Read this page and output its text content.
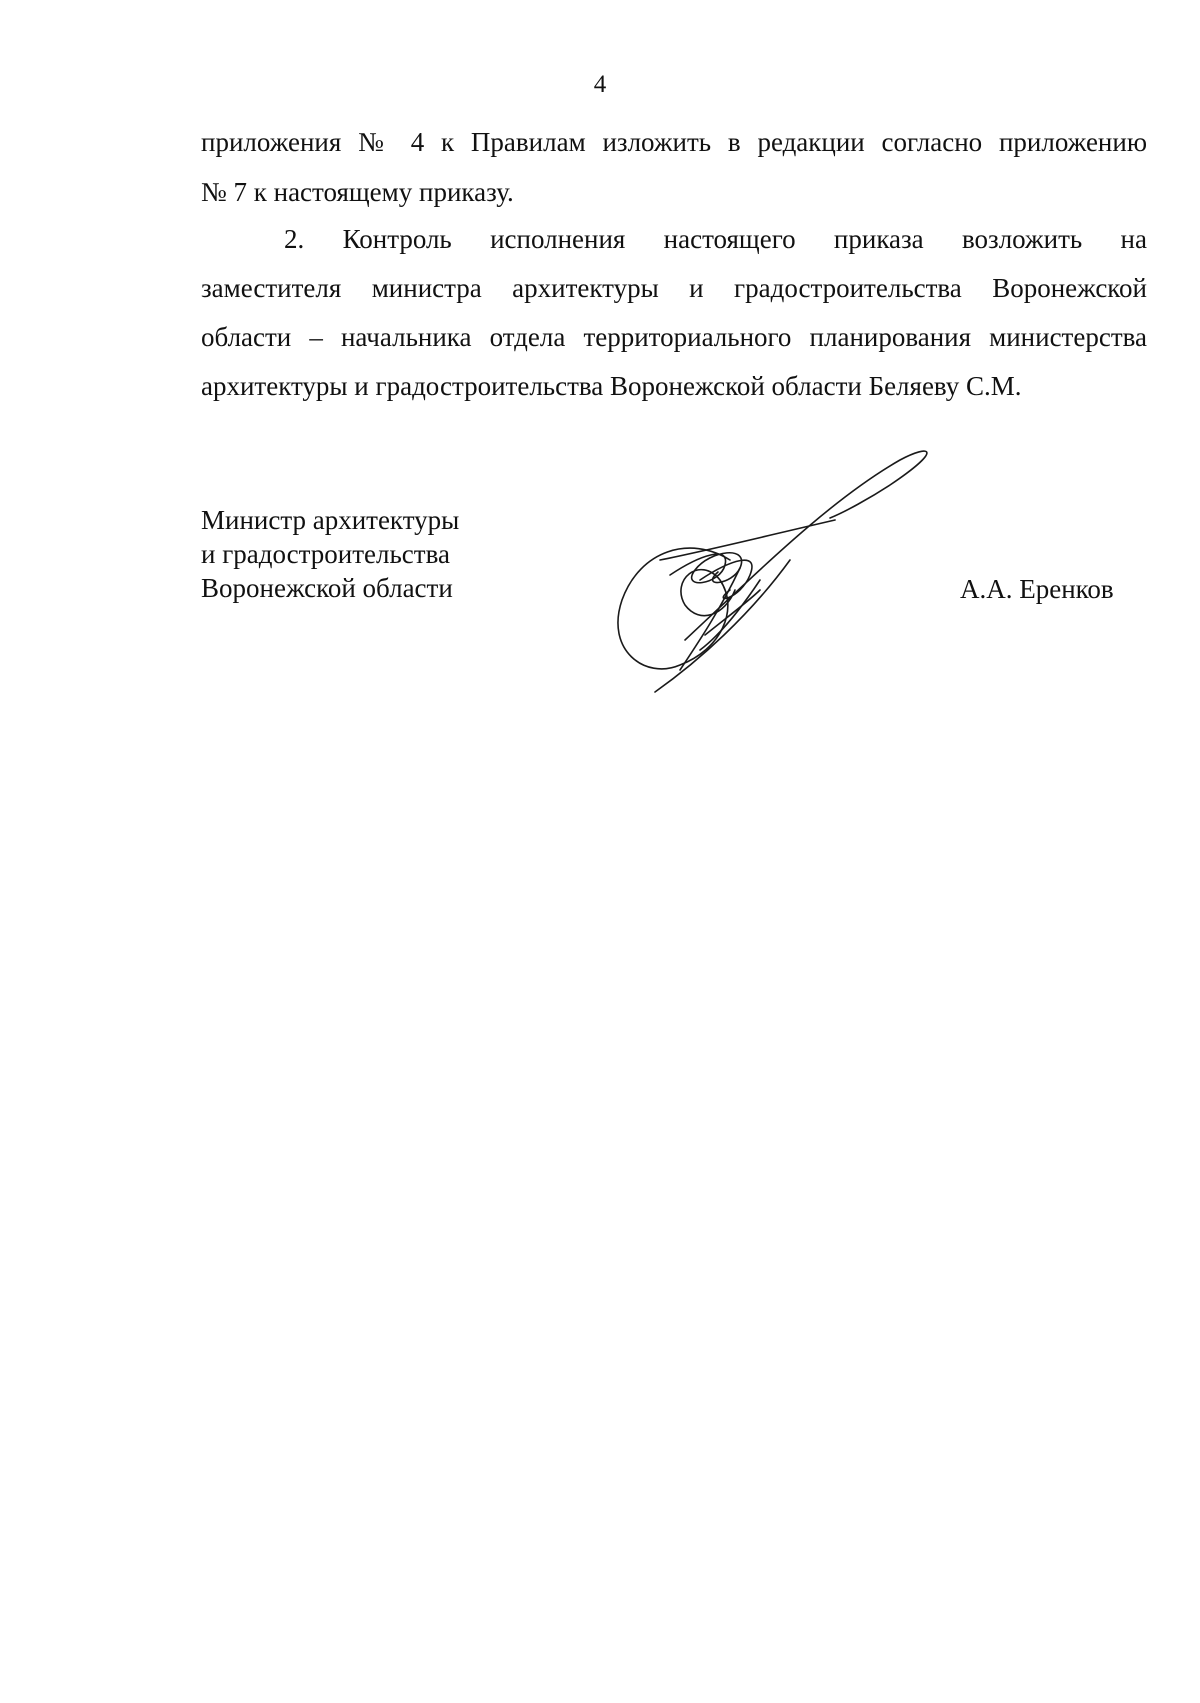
4
приложения № 4 к Правилам изложить в редакции согласно приложению
№ 7 к настоящему приказу.
2. Контроль исполнения настоящего приказа возложить на
заместителя министра архитектуры и градостроительства Воронежской
области – начальника отдела территориального планирования министерства
архитектуры и градостроительства Воронежской области Беляеву С.М.
Министр архитектуры
и градостроительства
Воронежской области	А.А. Еренков
